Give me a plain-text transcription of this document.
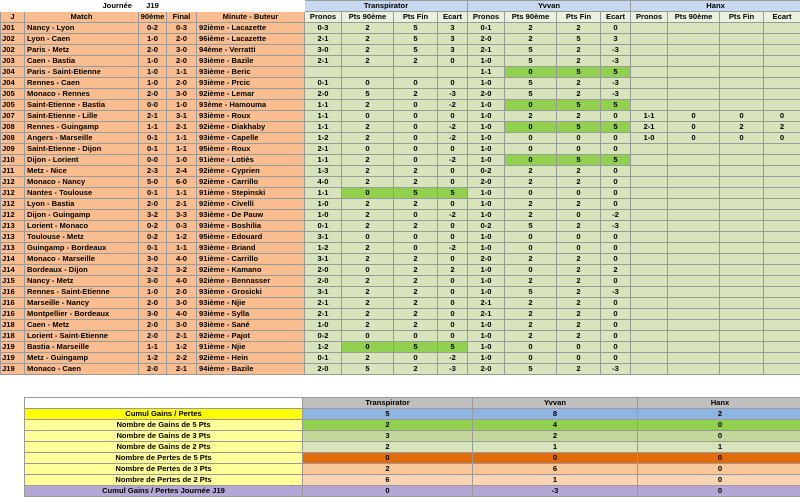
	Journée	J19			Transpirator				Yvvan				Hanx			
J	Match	90ème	Final	Minute - Buteur	Pronos	Pts 90ème	Pts Fin	Ecart	Pronos	Pts 90ème	Pts Fin	Ecart	Pronos	Pts 90ème	Pts Fin	Ecart
J01	Nancy - Lyon	0-2	0-3	92ième - Lacazette	0-3	2	5	3	0-1	2	2	0				
J02	Lyon - Caen	1-0	2-0	96ième - Lacazette	2-1	2	5	3	2-0	2	5	3				
J02	Paris - Metz	2-0	3-0	94ème - Verratti	3-0	2	5	3	2-1	5	2	-3				
J03	Caen - Bastia	1-0	2-0	93ième - Bazile	2-1	2	2	0	1-0	5	2	-3				
J04	Paris - Saint-Etienne	1-0	1-1	93ième - Beric					1-1	0	5	5				
J04	Rennes - Caen	1-0	2-0	93ième - Prcic	0-1	0	0	0	1-0	5	2	-3				
J05	Monaco - Rennes	2-0	3-0	92ième - Lemar	2-0	5	2	-3	2-0	5	2	-3				
J05	Saint-Etienne - Bastia	0-0	1-0	93ème - Hamouma	1-1	2	0	-2	1-0	0	5	5				
J07	Saint-Etienne - Lille	2-1	3-1	93ième - Roux	1-1	0	0	0	1-0	2	2	0	1-1	0	0	0
J08	Rennes - Guingamp	1-1	2-1	92ième - Diakhaby	1-1	2	0	-2	1-0	0	5	5	2-1	0	2	2
J08	Angers - Marseille	0-1	1-1	93ième - Capelle	1-2	2	0	-2	1-0	0	0	0	1-0	0	0	0
J09	Saint-Etienne - Dijon	0-1	1-1	95ième - Roux	2-1	0	0	0	1-0	0	0	0				
J10	Dijon - Lorient	0-0	1-0	91ième - Lotiès	1-1	2	0	-2	1-0	0	5	5				
J11	Metz - Nice	2-3	2-4	92ième - Cyprien	1-3	2	2	0	0-2	2	2	0				
J12	Monaco - Nancy	5-0	6-0	92ième - Carrillo	4-0	2	2	0	2-0	2	2	0				
J12	Nantes - Toulouse	0-1	1-1	91ième - Stepinski	1-1	0	5	5	1-0	0	0	0				
J12	Lyon - Bastia	2-0	2-1	92ième - Civelli	1-0	2	2	0	1-0	2	2	0				
J12	Dijon - Guingamp	3-2	3-3	93ième - De Pauw	1-0	2	0	-2	1-0	2	0	-2				
J13	Lorient - Monaco	0-2	0-3	93ième - Boshilia	0-1	2	2	0	0-2	5	2	-3				
J13	Toulouse - Metz	0-2	1-2	95ième - Edouard	3-1	0	0	0	1-0	0	0	0				
J13	Guingamp - Bordeaux	0-1	1-1	93ième - Briand	1-2	2	0	-2	1-0	0	0	0				
J14	Monaco - Marseille	3-0	4-0	91ième - Carrillo	3-1	2	2	0	2-0	2	2	0				
J14	Bordeaux - Dijon	2-2	3-2	92ième - Kamano	2-0	0	2	2	1-0	0	2	2				
J15	Nancy - Metz	3-0	4-0	92ième - Bennasser	2-0	2	2	0	1-0	2	2	0				
J16	Rennes - Saint-Etienne	1-0	2-0	93ième - Grosicki	3-1	2	2	0	1-0	5	2	-3				
J16	Marseille - Nancy	2-0	3-0	93ième - Njie	2-1	2	2	0	2-1	2	2	0				
J16	Montpellier - Bordeaux	3-0	4-0	93ième - Sylla	2-1	2	2	0	2-1	2	2	0				
J18	Caen - Metz	2-0	3-0	93ième - Sané	1-0	2	2	0	1-0	2	2	0				
J18	Lorient - Saint-Etienne	2-0	2-1	92ième - Pajot	0-2	0	0	0	1-0	2	2	0				
J19	Bastia - Marseille	1-1	1-2	91ième - Njie	1-2	0	5	5	1-0	0	0	0				
J19	Metz - Guingamp	1-2	2-2	92ième - Hein	0-1	2	0	-2	1-0	0	0	0				
J19	Monaco - Caen	2-0	2-1	94ième - Bazile	2-0	5	2	-3	2-0	5	2	-3				
	Transpirator	Yvvan	Hanx
Cumul Gains / Pertes	5	8	2
Nombre de Gains de 5 Pts	2	4	0
Nombre de Gains de 3 Pts	3	2	0
Nombre de Gains de 2 Pts	2	1	1
Nombre de Pertes de 5 Pts	0	0	0
Nombre de Pertes de 3 Pts	2	6	0
Nombre de Pertes de 2 Pts	6	1	0
Cumul Gains / Pertes Journée J19	0	-3	0
